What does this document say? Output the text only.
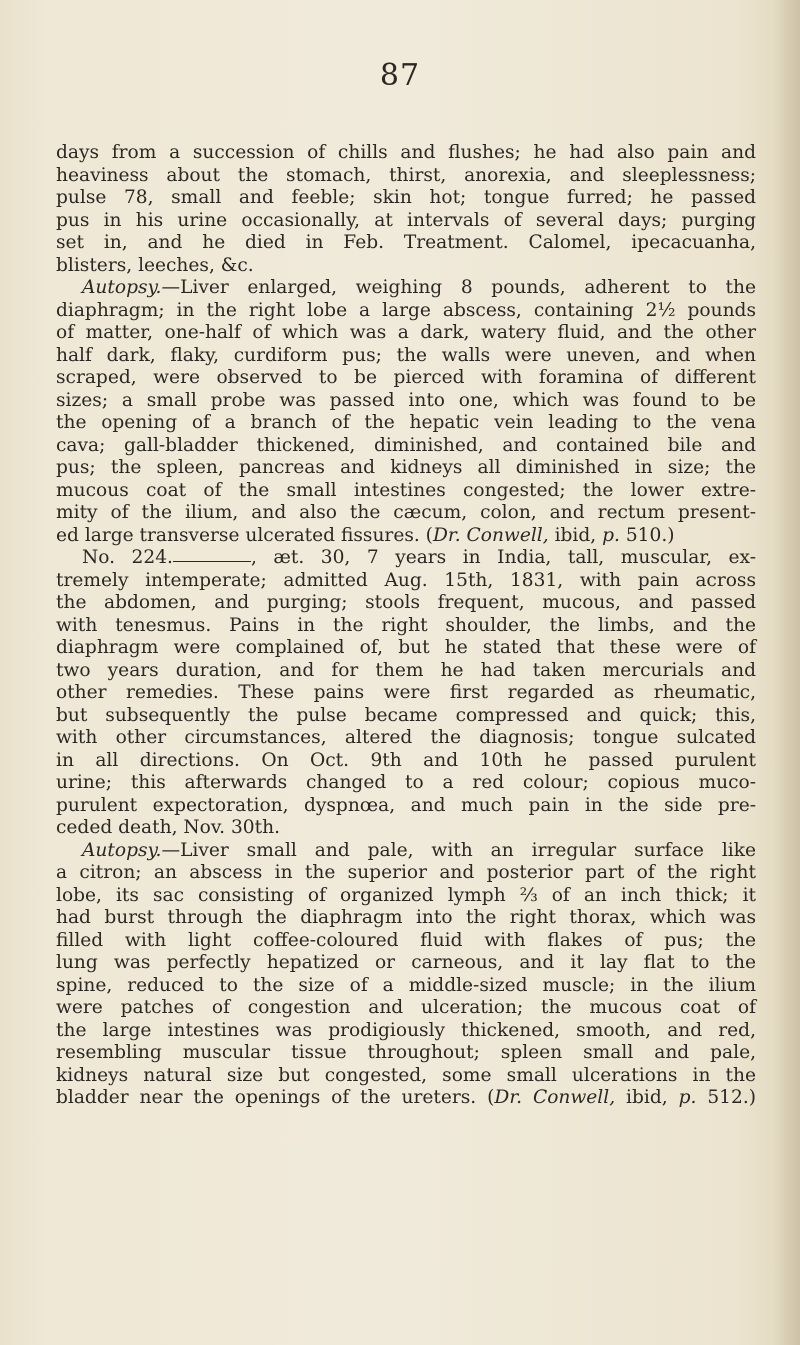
87
days from a succession of chills and flushes; he had also pain and
heaviness about the stomach, thirst, anorexia, and sleeplessness;
pulse 78, small and feeble; skin hot; tongue furred; he passed
pus in his urine occasionally, at intervals of several days; purging
set in, and he died in Feb. Treatment. Calomel, ipecacuanha,
blisters, leeches, &c.
Autopsy.—Liver enlarged, weighing 8 pounds, adherent to the
diaphragm; in the right lobe a large abscess, containing 2½ pounds
of matter, one-half of which was a dark, watery fluid, and the other
half dark, flaky, curdiform pus; the walls were uneven, and when
scraped, were observed to be pierced with foramina of different
sizes; a small probe was passed into one, which was found to be
the opening of a branch of the hepatic vein leading to the vena
cava; gall-bladder thickened, diminished, and contained bile and
pus; the spleen, pancreas and kidneys all diminished in size; the
mucous coat of the small intestines congested; the lower extre-
mity of the ilium, and also the cæcum, colon, and rectum present-
ed large transverse ulcerated fissures. (Dr. Conwell, ibid, p. 510.)
No. 224.	, æt. 30, 7 years in India, tall, muscular, ex-
tremely intemperate; admitted Aug. 15th, 1831, with pain across
the abdomen, and purging; stools frequent, mucous, and passed
with tenesmus. Pains in the right shoulder, the limbs, and the
diaphragm were complained of, but he stated that these were of
two years duration, and for them he had taken mercurials and
other remedies. These pains were first regarded as rheumatic,
but subsequently the pulse became compressed and quick; this,
with other circumstances, altered the diagnosis; tongue sulcated
in all directions. On Oct. 9th and 10th he passed purulent
urine; this afterwards changed to a red colour; copious muco-
purulent expectoration, dyspnœa, and much pain in the side pre-
ceded death, Nov. 30th.
Autopsy.—Liver small and pale, with an irregular surface like
a citron; an abscess in the superior and posterior part of the right
lobe, its sac consisting of organized lymph ⅔ of an inch thick; it
had burst through the diaphragm into the right thorax, which was
filled with light coffee-coloured fluid with flakes of pus; the
lung was perfectly hepatized or carneous, and it lay flat to the
spine, reduced to the size of a middle-sized muscle; in the ilium
were patches of congestion and ulceration; the mucous coat of
the large intestines was prodigiously thickened, smooth, and red,
resembling muscular tissue throughout; spleen small and pale,
kidneys natural size but congested, some small ulcerations in the
bladder near the openings of the ureters. (Dr. Conwell, ibid, p. 512.)
